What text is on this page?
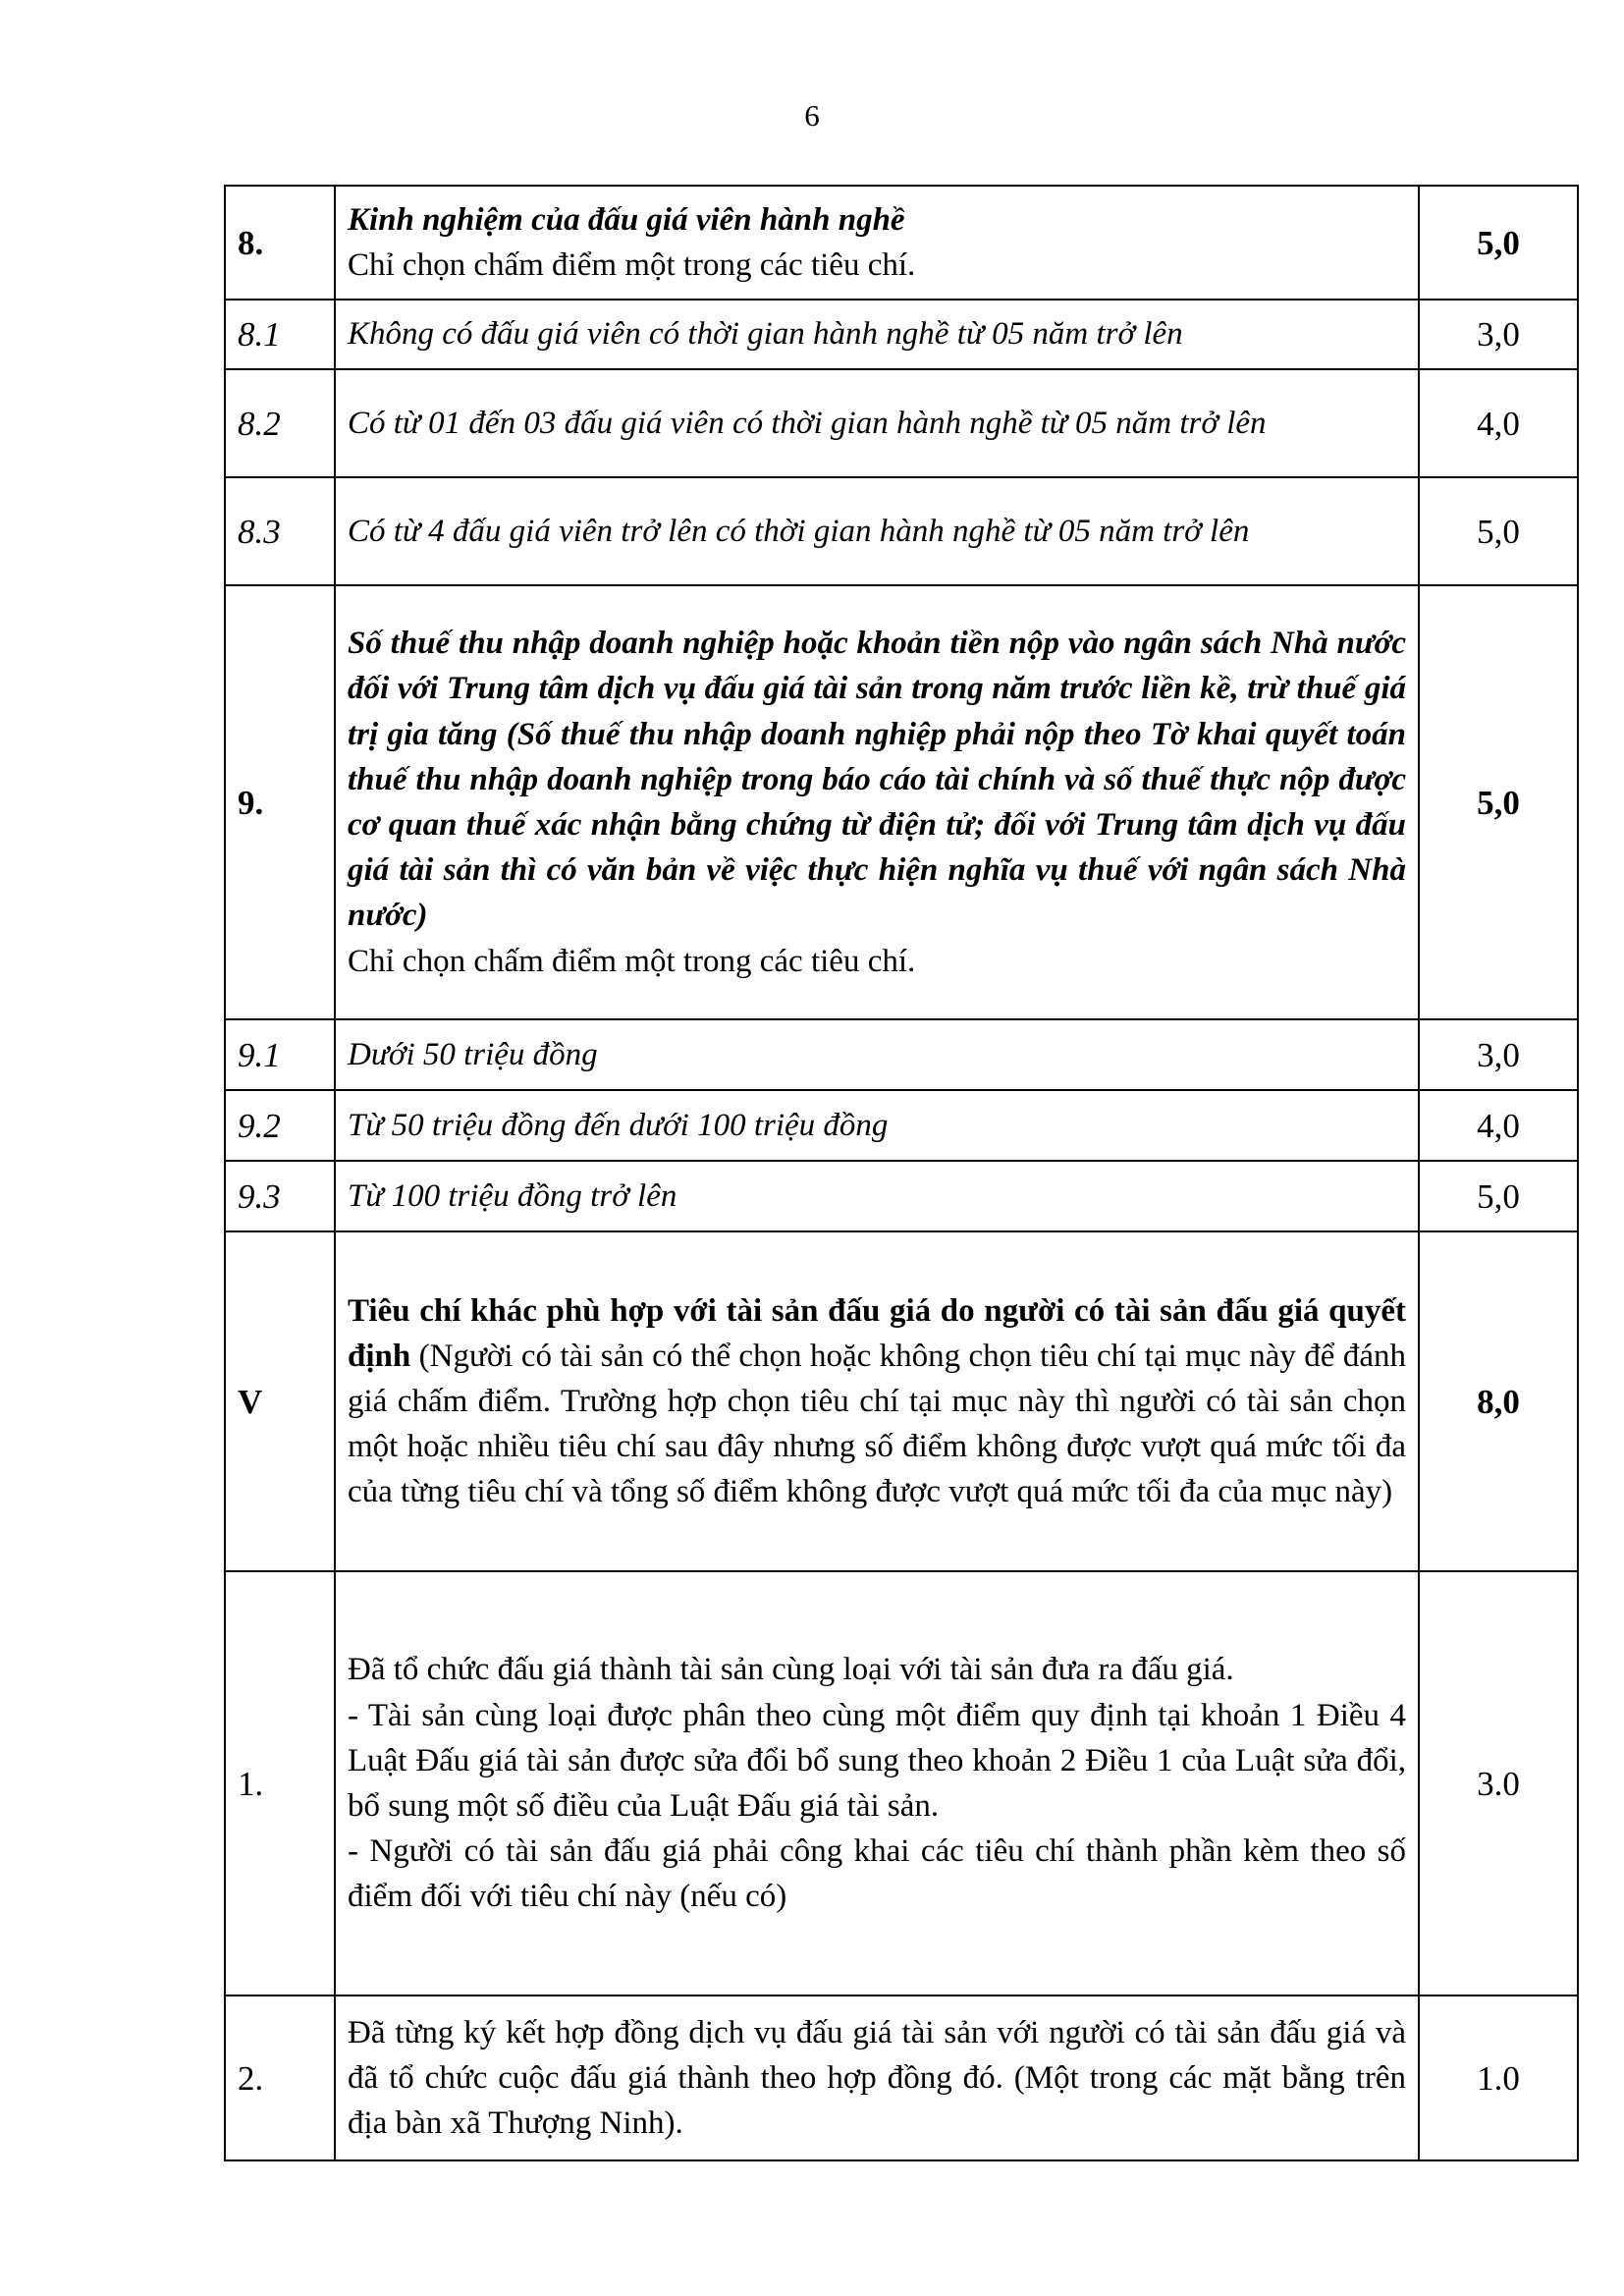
6
8.	Kinh nghiệm của đấu giá viên hành nghề
Chỉ chọn chấm điểm một trong các tiêu chí.	5,0
8.1	Không có đấu giá viên có thời gian hành nghề từ 05 năm trở lên	3,0
8.2	Có từ 01 đến 03 đấu giá viên có thời gian hành nghề từ 05 năm trở lên	4,0
8.3	Có từ 4 đấu giá viên trở lên có thời gian hành nghề từ 05 năm trở lên	5,0
9.	Số thuế thu nhập doanh nghiệp hoặc khoản tiền nộp vào ngân sách Nhà nước đối với Trung tâm dịch vụ đấu giá tài sản trong năm trước liền kề, trừ thuế giá trị gia tăng (Số thuế thu nhập doanh nghiệp phải nộp theo Tờ khai quyết toán thuế thu nhập doanh nghiệp trong báo cáo tài chính và số thuế thực nộp được cơ quan thuế xác nhận bằng chứng từ điện tử; đối với Trung tâm dịch vụ đấu giá tài sản thì có văn bản về việc thực hiện nghĩa vụ thuế với ngân sách Nhà nước)
Chỉ chọn chấm điểm một trong các tiêu chí.	5,0
9.1	Dưới 50 triệu đồng	3,0
9.2	Từ 50 triệu đồng đến dưới 100 triệu đồng	4,0
9.3	Từ 100 triệu đồng trở lên	5,0
V	Tiêu chí khác phù hợp với tài sản đấu giá do người có tài sản đấu giá quyết định (Người có tài sản có thể chọn hoặc không chọn tiêu chí tại mục này để đánh giá chấm điểm. Trường hợp chọn tiêu chí tại mục này thì người có tài sản chọn một hoặc nhiều tiêu chí sau đây nhưng số điểm không được vượt quá mức tối đa của từng tiêu chí và tổng số điểm không được vượt quá mức tối đa của mục này)	8,0
1.	Đã tổ chức đấu giá thành tài sản cùng loại với tài sản đưa ra đấu giá.
- Tài sản cùng loại được phân theo cùng một điểm quy định tại khoản 1 Điều 4 Luật Đấu giá tài sản được sửa đổi bổ sung theo khoản 2 Điều 1 của Luật sửa đổi, bổ sung một số điều của Luật Đấu giá tài sản.
- Người có tài sản đấu giá phải công khai các tiêu chí thành phần kèm theo số điểm đối với tiêu chí này (nếu có)	3.0
2.	Đã từng ký kết hợp đồng dịch vụ đấu giá tài sản với người có tài sản đấu giá và đã tổ chức cuộc đấu giá thành theo hợp đồng đó. (Một trong các mặt bằng trên địa bàn xã Thượng Ninh).	1.0
